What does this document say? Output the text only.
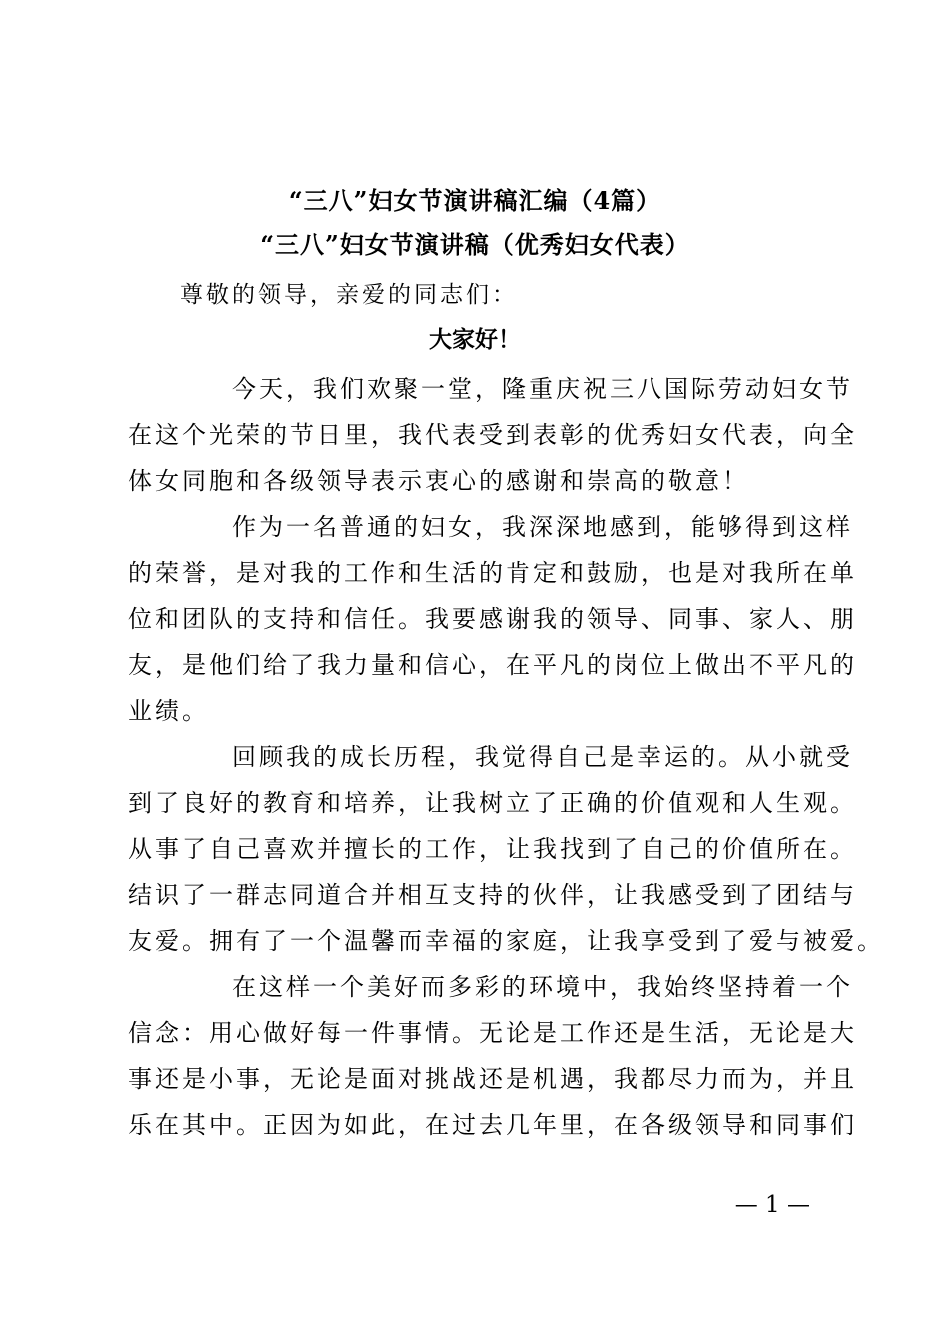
“三八”妇女节演讲稿汇编（4篇）
“三八”妇女节演讲稿（优秀妇女代表）
尊敬的领导，亲爱的同志们：
大家好！
今天，我们欢聚一堂，隆重庆祝三八国际劳动妇女节
在这个光荣的节日里，我代表受到表彰的优秀妇女代表，向全
体女同胞和各级领导表示衷心的感谢和崇高的敬意！
作为一名普通的妇女，我深深地感到，能够得到这样
的荣誉，是对我的工作和生活的肯定和鼓励，也是对我所在单
位和团队的支持和信任。我要感谢我的领导、同事、家人、朋
友，是他们给了我力量和信心，在平凡的岗位上做出不平凡的
业绩。
回顾我的成长历程，我觉得自己是幸运的。从小就受
到了良好的教育和培养，让我树立了正确的价值观和人生观。
从事了自己喜欢并擅长的工作，让我找到了自己的价值所在。
结识了一群志同道合并相互支持的伙伴，让我感受到了团结与
友爱。拥有了一个温馨而幸福的家庭，让我享受到了爱与被爱。
在这样一个美好而多彩的环境中，我始终坚持着一个
信念：用心做好每一件事情。无论是工作还是生活，无论是大
事还是小事，无论是面对挑战还是机遇，我都尽力而为，并且
乐在其中。正因为如此，在过去几年里，在各级领导和同事们
— 1 —
